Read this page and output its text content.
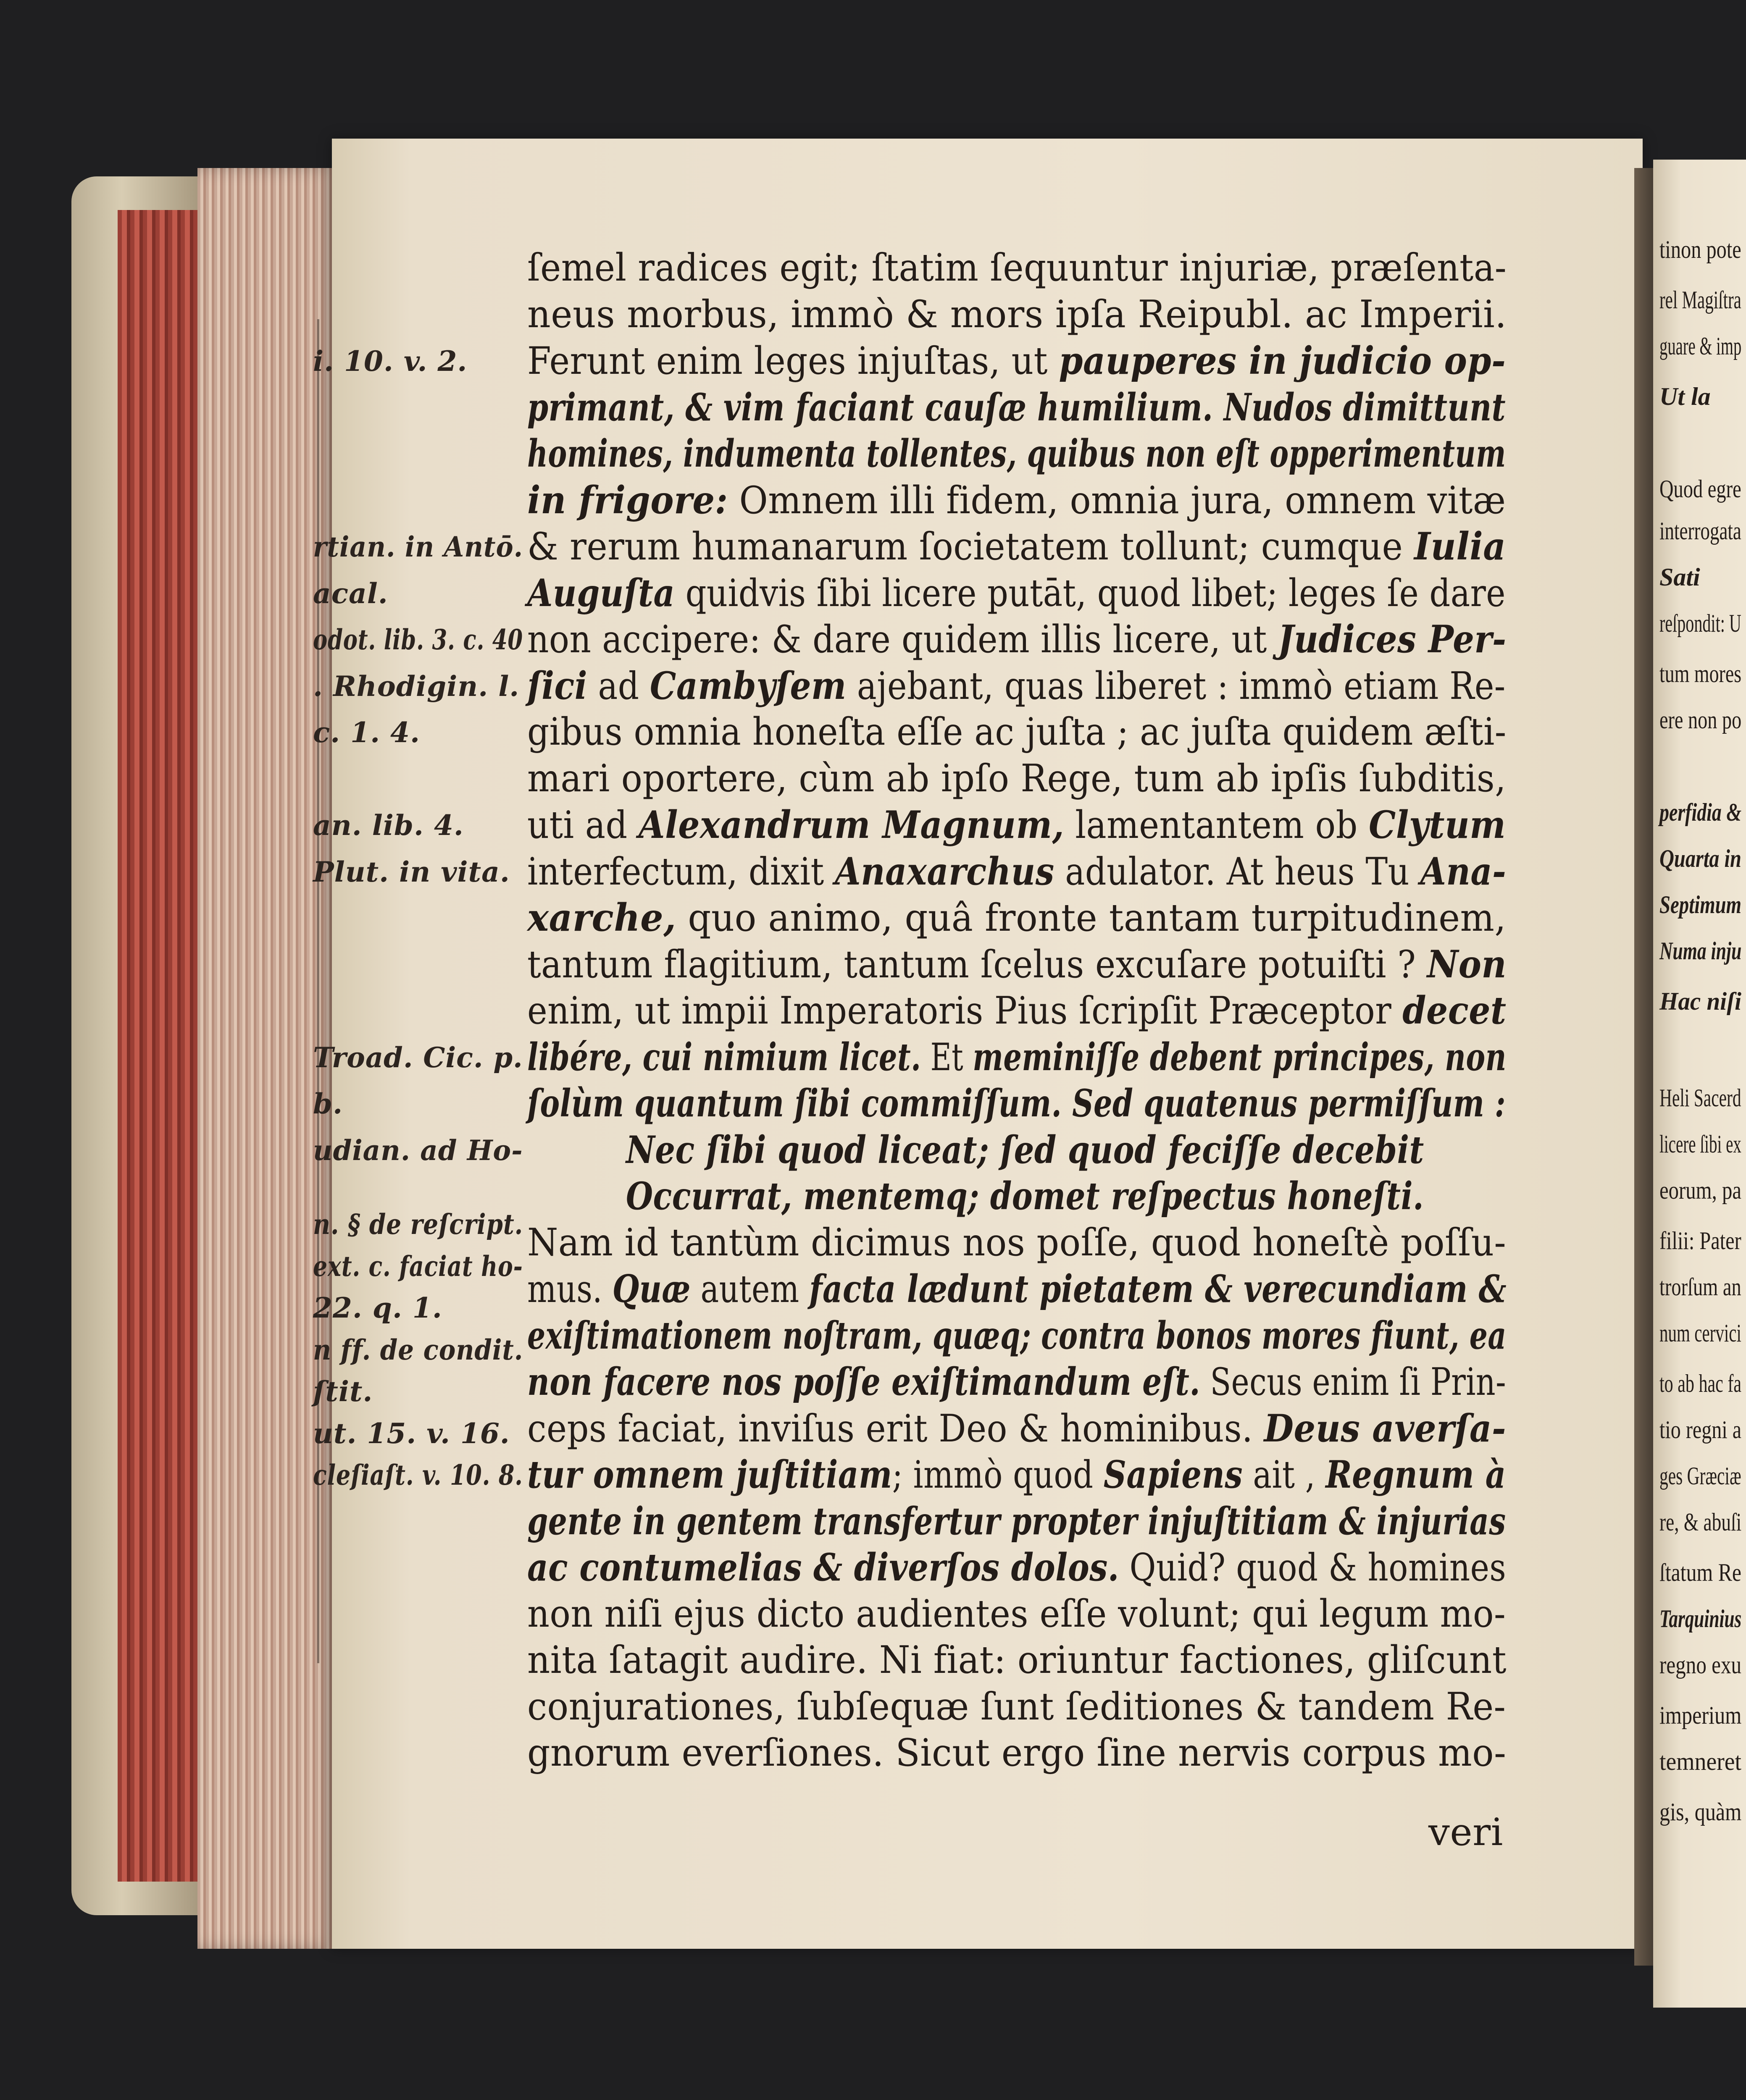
i. 10. v. 2.
rtian. in Antō.
acal.
odot. lib. 3. c. 40
. Rhodigin. l.
c. 1. 4.
an. lib. 4.
Plut. in vita.
Troad. Cic. p.
b.
udian. ad Ho-
n. § de reſcript.
ext. c. faciat ho-
22. q. 1.
n ff. de condit.
ſtit.
ut. 15. v. 16.
cleſiaſt. v. 10. 8.
ſemel radices egit; ſtatim ſequuntur injuriæ, præſenta-
neus morbus, immò & mors ipſa Reipubl. ac Imperii.
Ferunt enim leges injuſtas, ut pauperes in judicio op-
primant, & vim faciant cauſæ humilium. Nudos dimittunt
homines, indumenta tollentes, quibus non eſt opperimentum
in frigore: Omnem illi fidem, omnia jura, omnem vitæ
& rerum humanarum ſocietatem tollunt; cumque Iulia
Auguſta quidvis ſibi licere putāt, quod libet; leges ſe dare
non accipere: & dare quidem illis licere, ut Judices Per-
ſici ad Cambyſem ajebant, quas liberet : immò etiam Re-
gibus omnia honeſta eſſe ac juſta ; ac juſta quidem æſti-
mari oportere, cùm ab ipſo Rege, tum ab ipſis ſubditis,
uti ad Alexandrum Magnum, lamentantem ob Clytum
interfectum, dixit Anaxarchus adulator. At heus Tu Ana-
xarche, quo animo, quâ fronte tantam turpitudinem,
tantum flagitium, tantum ſcelus excuſare potuiſti ? Non
enim, ut impii Imperatoris Pius ſcripſit Præceptor decet
libére, cui nimium licet. Et meminiſſe debent principes, non
ſolùm quantum ſibi commiſſum. Sed quatenus permiſſum :
Nec ſibi quod liceat; ſed quod feciſſe decebit
Occurrat, mentemq; domet reſpectus honeſti.
Nam id tantùm dicimus nos poſſe, quod honeſtè poſſu-
mus. Quæ autem facta lædunt pietatem & verecundiam &
exiſtimationem noſtram, quæq; contra bonos mores fiunt, ea
non facere nos poſſe exiſtimandum eſt. Secus enim ſi Prin-
ceps faciat, inviſus erit Deo & hominibus. Deus averſa-
tur omnem juſtitiam; immò quod Sapiens ait , Regnum à
gente in gentem transfertur propter injuſtitiam & injurias
ac contumelias & diverſos dolos. Quid? quod & homines
non niſi ejus dicto audientes eſſe volunt; qui legum mo-
nita ſatagit audire. Ni fiat: oriuntur factiones, gliſcunt
conjurationes, ſubſequæ ſunt ſeditiones & tandem Re-
gnorum everſiones. Sicut ergo ſine nervis corpus mo-
veri
tinon pote
rel Magiſtra
guare & imp
Ut la
Quod egre
interrogata
Sati
reſpondit: U
tum mores
ere non po
perfidia &
Quarta in
Septimum
Numa inju
Hac niſi
Heli Sacerd
licere ſibi ex
eorum, pa
filii: Pater
trorſum an
num cervici
to ab hac fa
tio regni a
ges Græciæ
re, & abuſi
ſtatum Re
Tarquinius
regno exu
imperium
temneret
gis, quàm
